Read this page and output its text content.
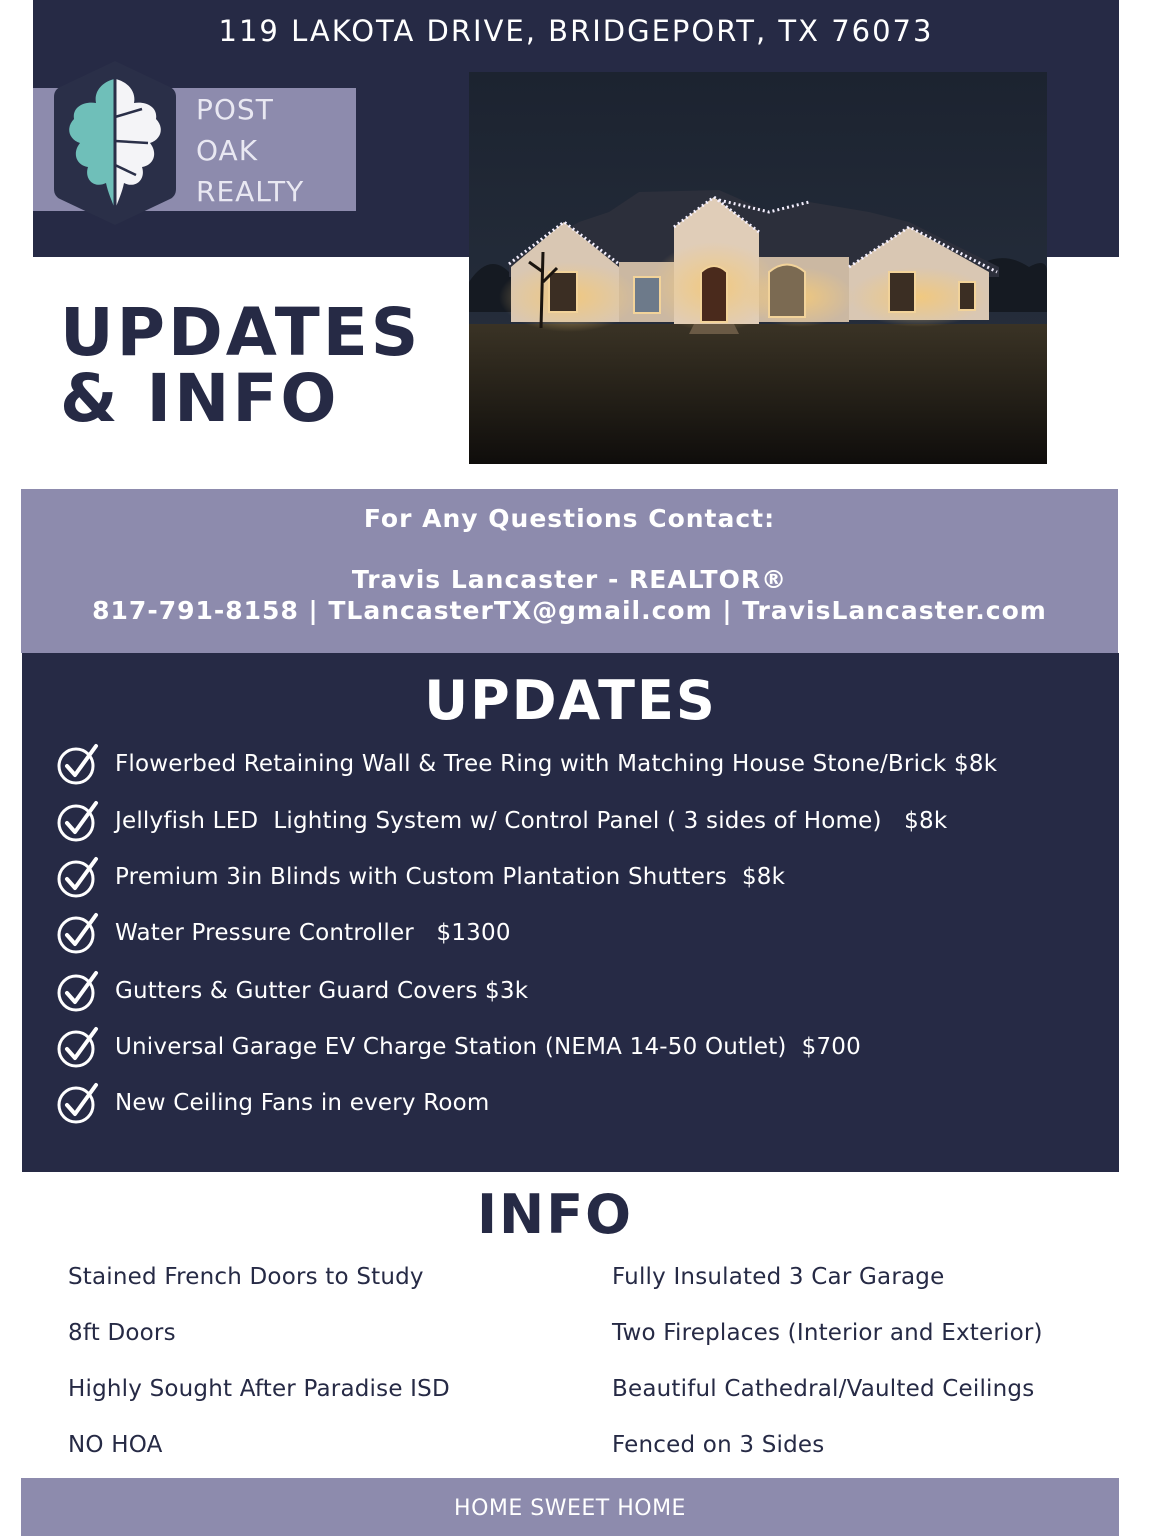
119 LAKOTA DRIVE, BRIDGEPORT, TX 76073
POST
OAK
REALTY
UPDATES
& INFO
For Any Questions Contact:
Travis Lancaster - REALTOR®
817-791-8158 | TLancasterTX@gmail.com | TravisLancaster.com
UPDATES
Flowerbed Retaining Wall & Tree Ring with Matching House Stone/Brick $8k
Jellyfish LED  Lighting System w/ Control Panel ( 3 sides of Home)   $8k
Premium 3in Blinds with Custom Plantation Shutters  $8k
Water Pressure Controller   $1300
Gutters & Gutter Guard Covers $3k
Universal Garage EV Charge Station (NEMA 14-50 Outlet)  $700
New Ceiling Fans in every Room
INFO
Stained French Doors to Study
8ft Doors
Highly Sought After Paradise ISD
NO HOA
Fully Insulated 3 Car Garage
Two Fireplaces (Interior and Exterior)
Beautiful Cathedral/Vaulted Ceilings
Fenced on 3 Sides
HOME SWEET HOME
